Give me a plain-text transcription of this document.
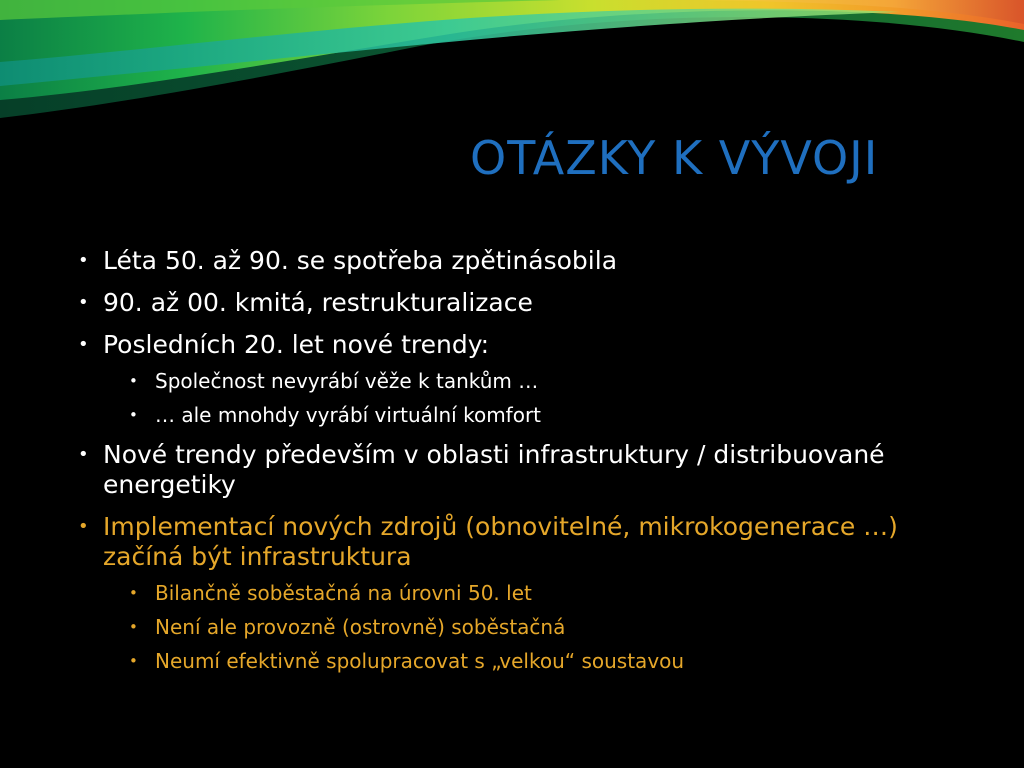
OTÁZKY K VÝVOJI
• Léta 50. až 90. se spotřeba zpětinásobila
• 90. až 00. kmitá, restrukturalizace
• Posledních 20. let nové trendy:
• Společnost nevyrábí věže k tankům …
• … ale mnohdy vyrábí virtuální komfort
• Nové trendy především v oblasti infrastruktury / distribuované energetiky
• Implementací nových zdrojů (obnovitelné, mikrokogenerace …) začíná být infrastruktura
• Bilančně soběstačná na úrovni 50. let
• Není ale provozně (ostrovně) soběstačná
• Neumí efektivně spolupracovat s „velkou“ soustavou
